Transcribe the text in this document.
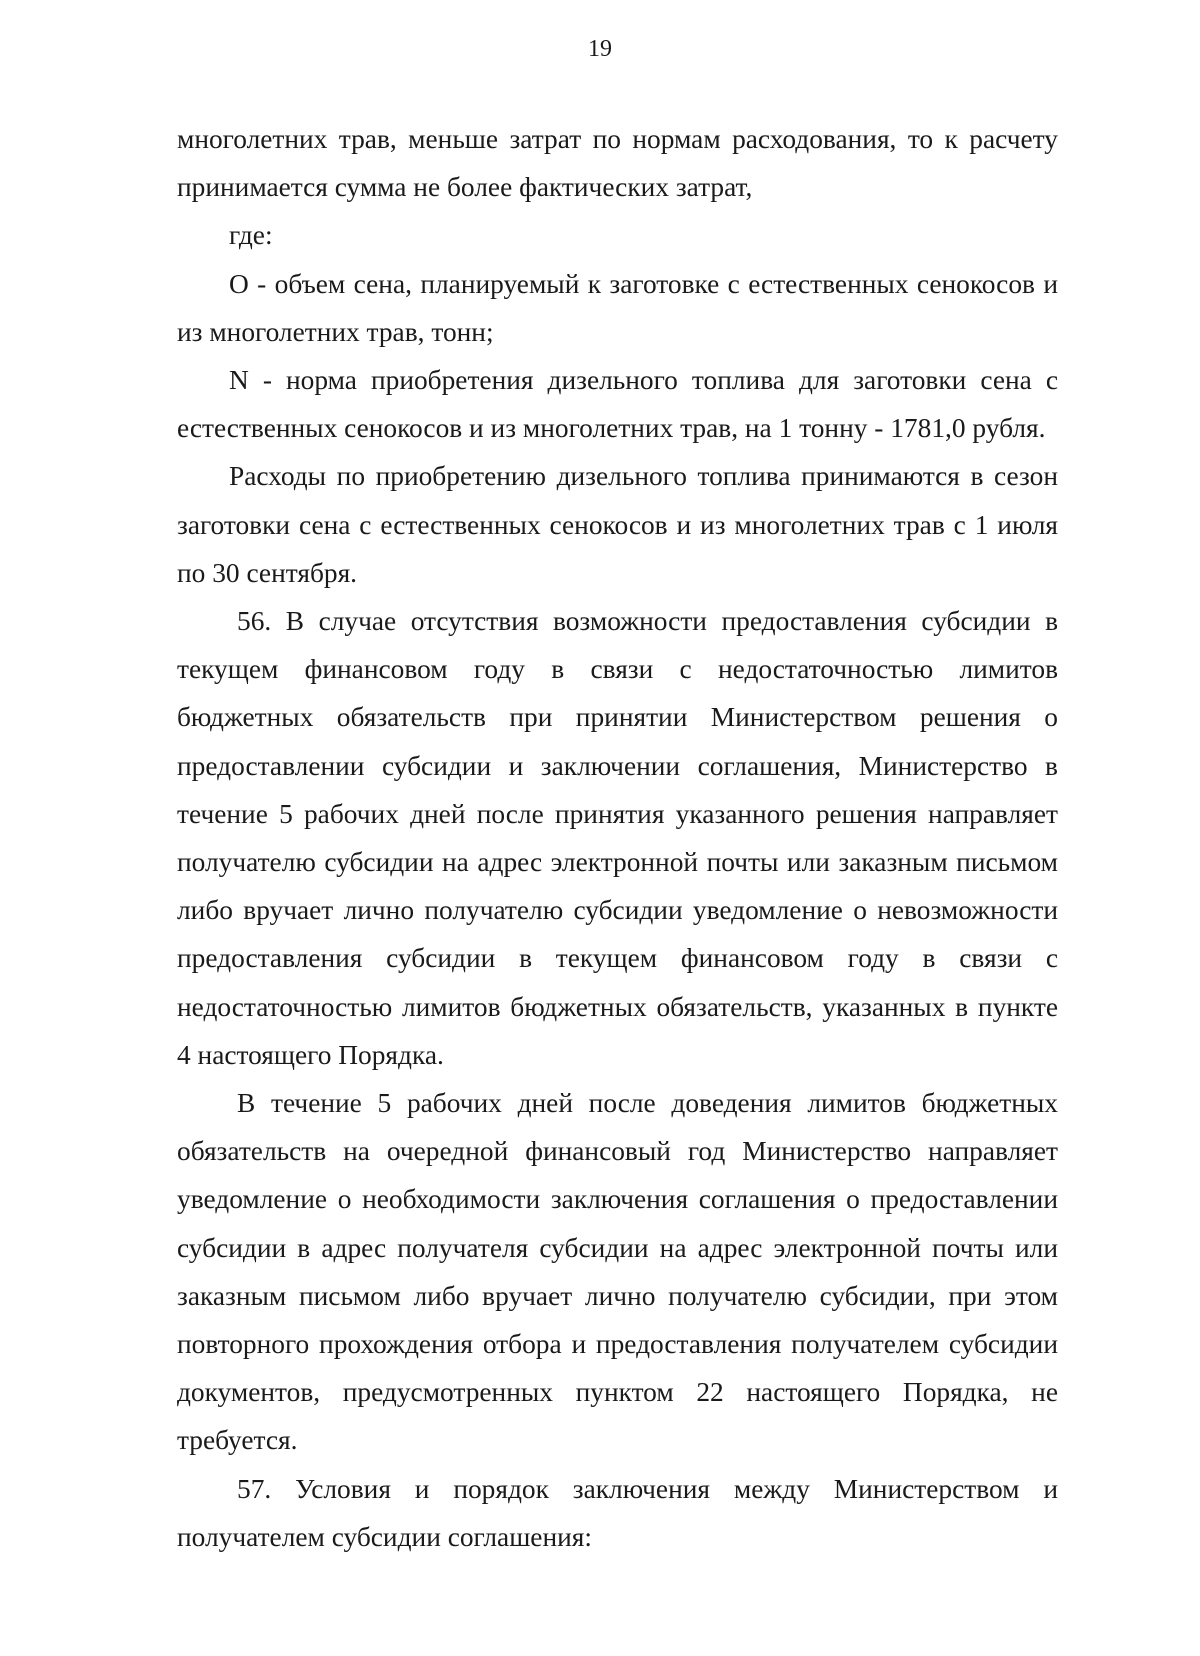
19

многолетних трав, меньше затрат по нормам расходования, то к расчету принимается сумма не более фактических затрат,

где:

О - объем сена, планируемый к заготовке с естественных сенокосов и из многолетних трав, тонн;

N - норма приобретения дизельного топлива для заготовки сена с естественных сенокосов и из многолетних трав, на 1 тонну - 1781,0 рубля.

Расходы по приобретению дизельного топлива принимаются в сезон заготовки сена с естественных сенокосов и из многолетних трав с 1 июля по 30 сентября.

56. В случае отсутствия возможности предоставления субсидии в текущем финансовом году в связи с недостаточностью лимитов бюджетных обязательств при принятии Министерством решения о предоставлении субсидии и заключении соглашения, Министерство в течение 5 рабочих дней после принятия указанного решения направляет получателю субсидии на адрес электронной почты или заказным письмом либо вручает лично получателю субсидии уведомление о невозможности предоставления субсидии в текущем финансовом году в связи с недостаточностью лимитов бюджетных обязательств, указанных в пункте 4 настоящего Порядка.

В течение 5 рабочих дней после доведения лимитов бюджетных обязательств на очередной финансовый год Министерство направляет уведомление о необходимости заключения соглашения о предоставлении субсидии в адрес получателя субсидии на адрес электронной почты или заказным письмом либо вручает лично получателю субсидии, при этом повторного прохождения отбора и предоставления получателем субсидии документов, предусмотренных пунктом 22 настоящего Порядка, не требуется.

57. Условия и порядок заключения между Министерством и получателем субсидии соглашения:
